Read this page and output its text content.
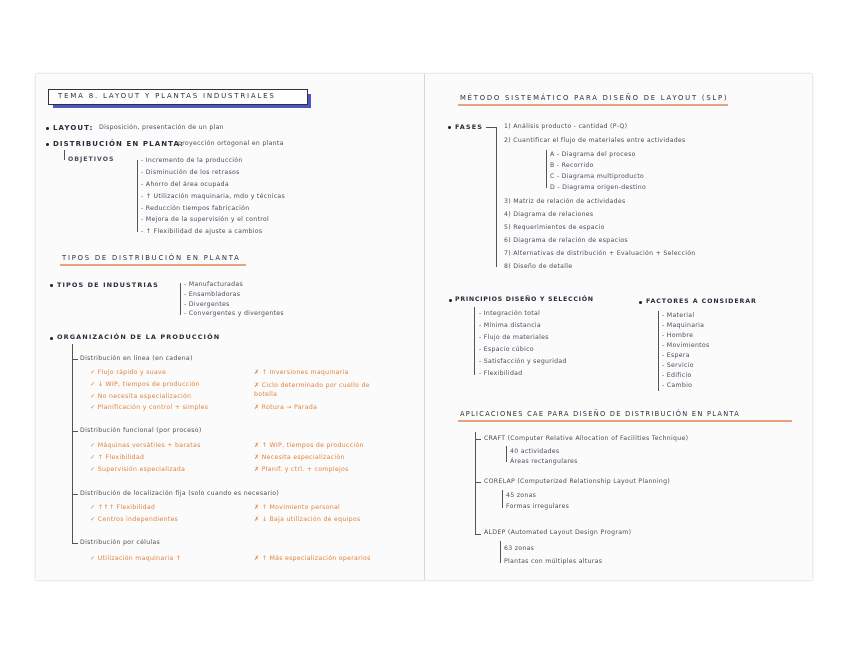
TEMA 8. LAYOUT Y PLANTAS INDUSTRIALES
LAYOUT: Disposición, presentación de un plan
DISTRIBUCIÓN EN PLANTA:
proyección ortogonal en planta
OBJETIVOS	- Incremento de la producción
- Disminución de los retrasos
- Ahorro del área ocupada
- ↑ Utilización maquinaria, mdo y técnicas
- Reducción tiempos fabricación
- Mejora de la supervisión y el control
- ↑ Flexibilidad de ajuste a cambios
TIPOS DE DISTRIBUCIÓN EN PLANTA
TIPOS DE INDUSTRIAS	- Manufacturadas
- Ensambladoras
- Divergentes
- Convergentes y divergentes
ORGANIZACIÓN DE LA PRODUCCIÓN
Distribución en línea (en cadena)
✓ Flujo rápido y suave
✓ ↓ WIP, tiempos de producción
✓ No necesita especialización
✓ Planificación y control + simples
✗ ↑ Inversiones maquinaria
✗ Ciclo determinado por cuello de botella
✗ Rotura → Parada
Distribución funcional (por proceso)
✓ Máquinas versátiles + baratas
✓ ↑ Flexibilidad
✓ Supervisión especializada
✗ ↑ WIP, tiempos de producción
✗ Necesita especialización
✗ Planif. y ctrl. + complejos
Distribución de localización fija (solo cuando es necesario)
✓ ↑↑↑ Flexibilidad
✓ Centros independientes
✗ ↑ Movimiento personal
✗ ↓ Baja utilización de equipos
Distribución por células
✓ Utilización maquinaria ↑	✗ ↑ Más especialización operarios
MÉTODO SISTEMÁTICO PARA DISEÑO DE LAYOUT (SLP)
FASES	1) Análisis producto - cantidad (P-Q)
2) Cuantificar el flujo de materiales entre actividades
A - Diagrama del proceso
B - Recorrido
C - Diagrama multiproducto
D - Diagrama origen-destino
3) Matriz de relación de actividades
4) Diagrama de relaciones
5) Requerimientos de espacio
6) Diagrama de relación de espacios
7) Alternativas de distribución + Evaluación + Selección
8) Diseño de detalle
PRINCIPIOS DISEÑO Y SELECCIÓN
- Integración total
- Mínima distancia
- Flujo de materiales
- Espacio cúbico
- Satisfacción y seguridad
- Flexibilidad
FACTORES A CONSIDERAR
- Material
- Maquinaria
- Hombre
- Movimientos
- Espera
- Servicio
- Edificio
- Cambio
APLICACIONES CAE PARA DISEÑO DE DISTRIBUCIÓN EN PLANTA
CRAFT (Computer Relative Allocation of Facilities Technique)
40 actividades
Áreas rectangulares
CORELAP (Computerized Relationship Layout Planning)
45 zonas
Formas irregulares
ALDEP (Automated Layout Design Program)
63 zonas
Plantas con múltiples alturas
